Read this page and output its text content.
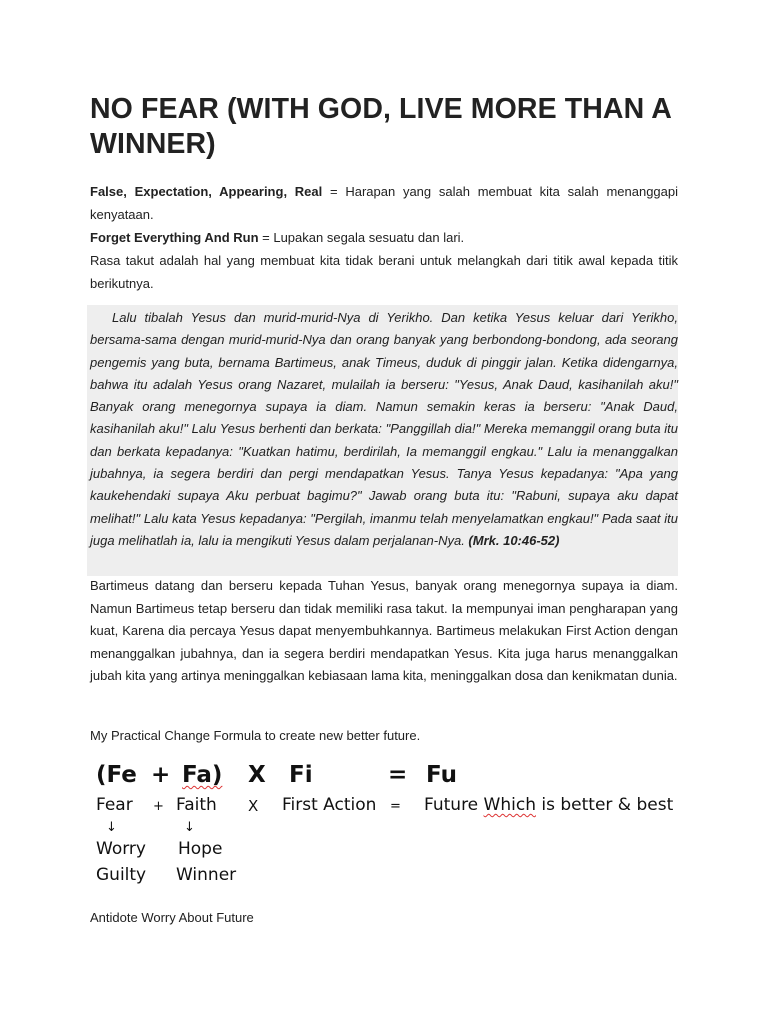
NO FEAR (WITH GOD, LIVE MORE THAN A WINNER)

False, Expectation, Appearing, Real = Harapan yang salah membuat kita salah menanggapi kenyataan.

Forget Everything And Run = Lupakan segala sesuatu dan lari.

Rasa takut adalah hal yang membuat kita tidak berani untuk melangkah dari titik awal kepada titik berikutnya.

Lalu tibalah Yesus dan murid-murid-Nya di Yerikho. Dan ketika Yesus keluar dari Yerikho, bersama-sama dengan murid-murid-Nya dan orang banyak yang berbondong-bondong, ada seorang pengemis yang buta, bernama Bartimeus, anak Timeus, duduk di pinggir jalan. Ketika didengarnya, bahwa itu adalah Yesus orang Nazaret, mulailah ia berseru: "Yesus, Anak Daud, kasihanilah aku!" Banyak orang menegornya supaya ia diam. Namun semakin keras ia berseru: "Anak Daud, kasihanilah aku!" Lalu Yesus berhenti dan berkata: "Panggillah dia!" Mereka memanggil orang buta itu dan berkata kepadanya: "Kuatkan hatimu, berdirilah, Ia memanggil engkau." Lalu ia menanggalkan jubahnya, ia segera berdiri dan pergi mendapatkan Yesus. Tanya Yesus kepadanya: "Apa yang kaukehendaki supaya Aku perbuat bagimu?" Jawab orang buta itu: "Rabuni, supaya aku dapat melihat!" Lalu kata Yesus kepadanya: "Pergilah, imanmu telah menyelamatkan engkau!" Pada saat itu juga melihatlah ia, lalu ia mengikuti Yesus dalam perjalanan-Nya. (Mrk. 10:46-52)

Bartimeus datang dan berseru kepada Tuhan Yesus, banyak orang menegornya supaya ia diam. Namun Bartimeus tetap berseru dan tidak memiliki rasa takut. Ia mempunyai iman pengharapan yang kuat, Karena dia percaya Yesus dapat menyembuhkannya. Bartimeus melakukan First Action dengan menanggalkan jubahnya, dan ia segera berdiri mendapatkan Yesus. Kita juga harus menanggalkan jubah kita yang artinya meninggalkan kebiasaan lama kita, meninggalkan dosa dan kenikmatan dunia.

My Practical Change Formula to create new better future.

(Fe + Fa) X Fi	= Fu
Fear + Faith X First Action = Future Which is better & best
↓	↓
Worry Hope
Guilty Winner

Antidote Worry About Future
